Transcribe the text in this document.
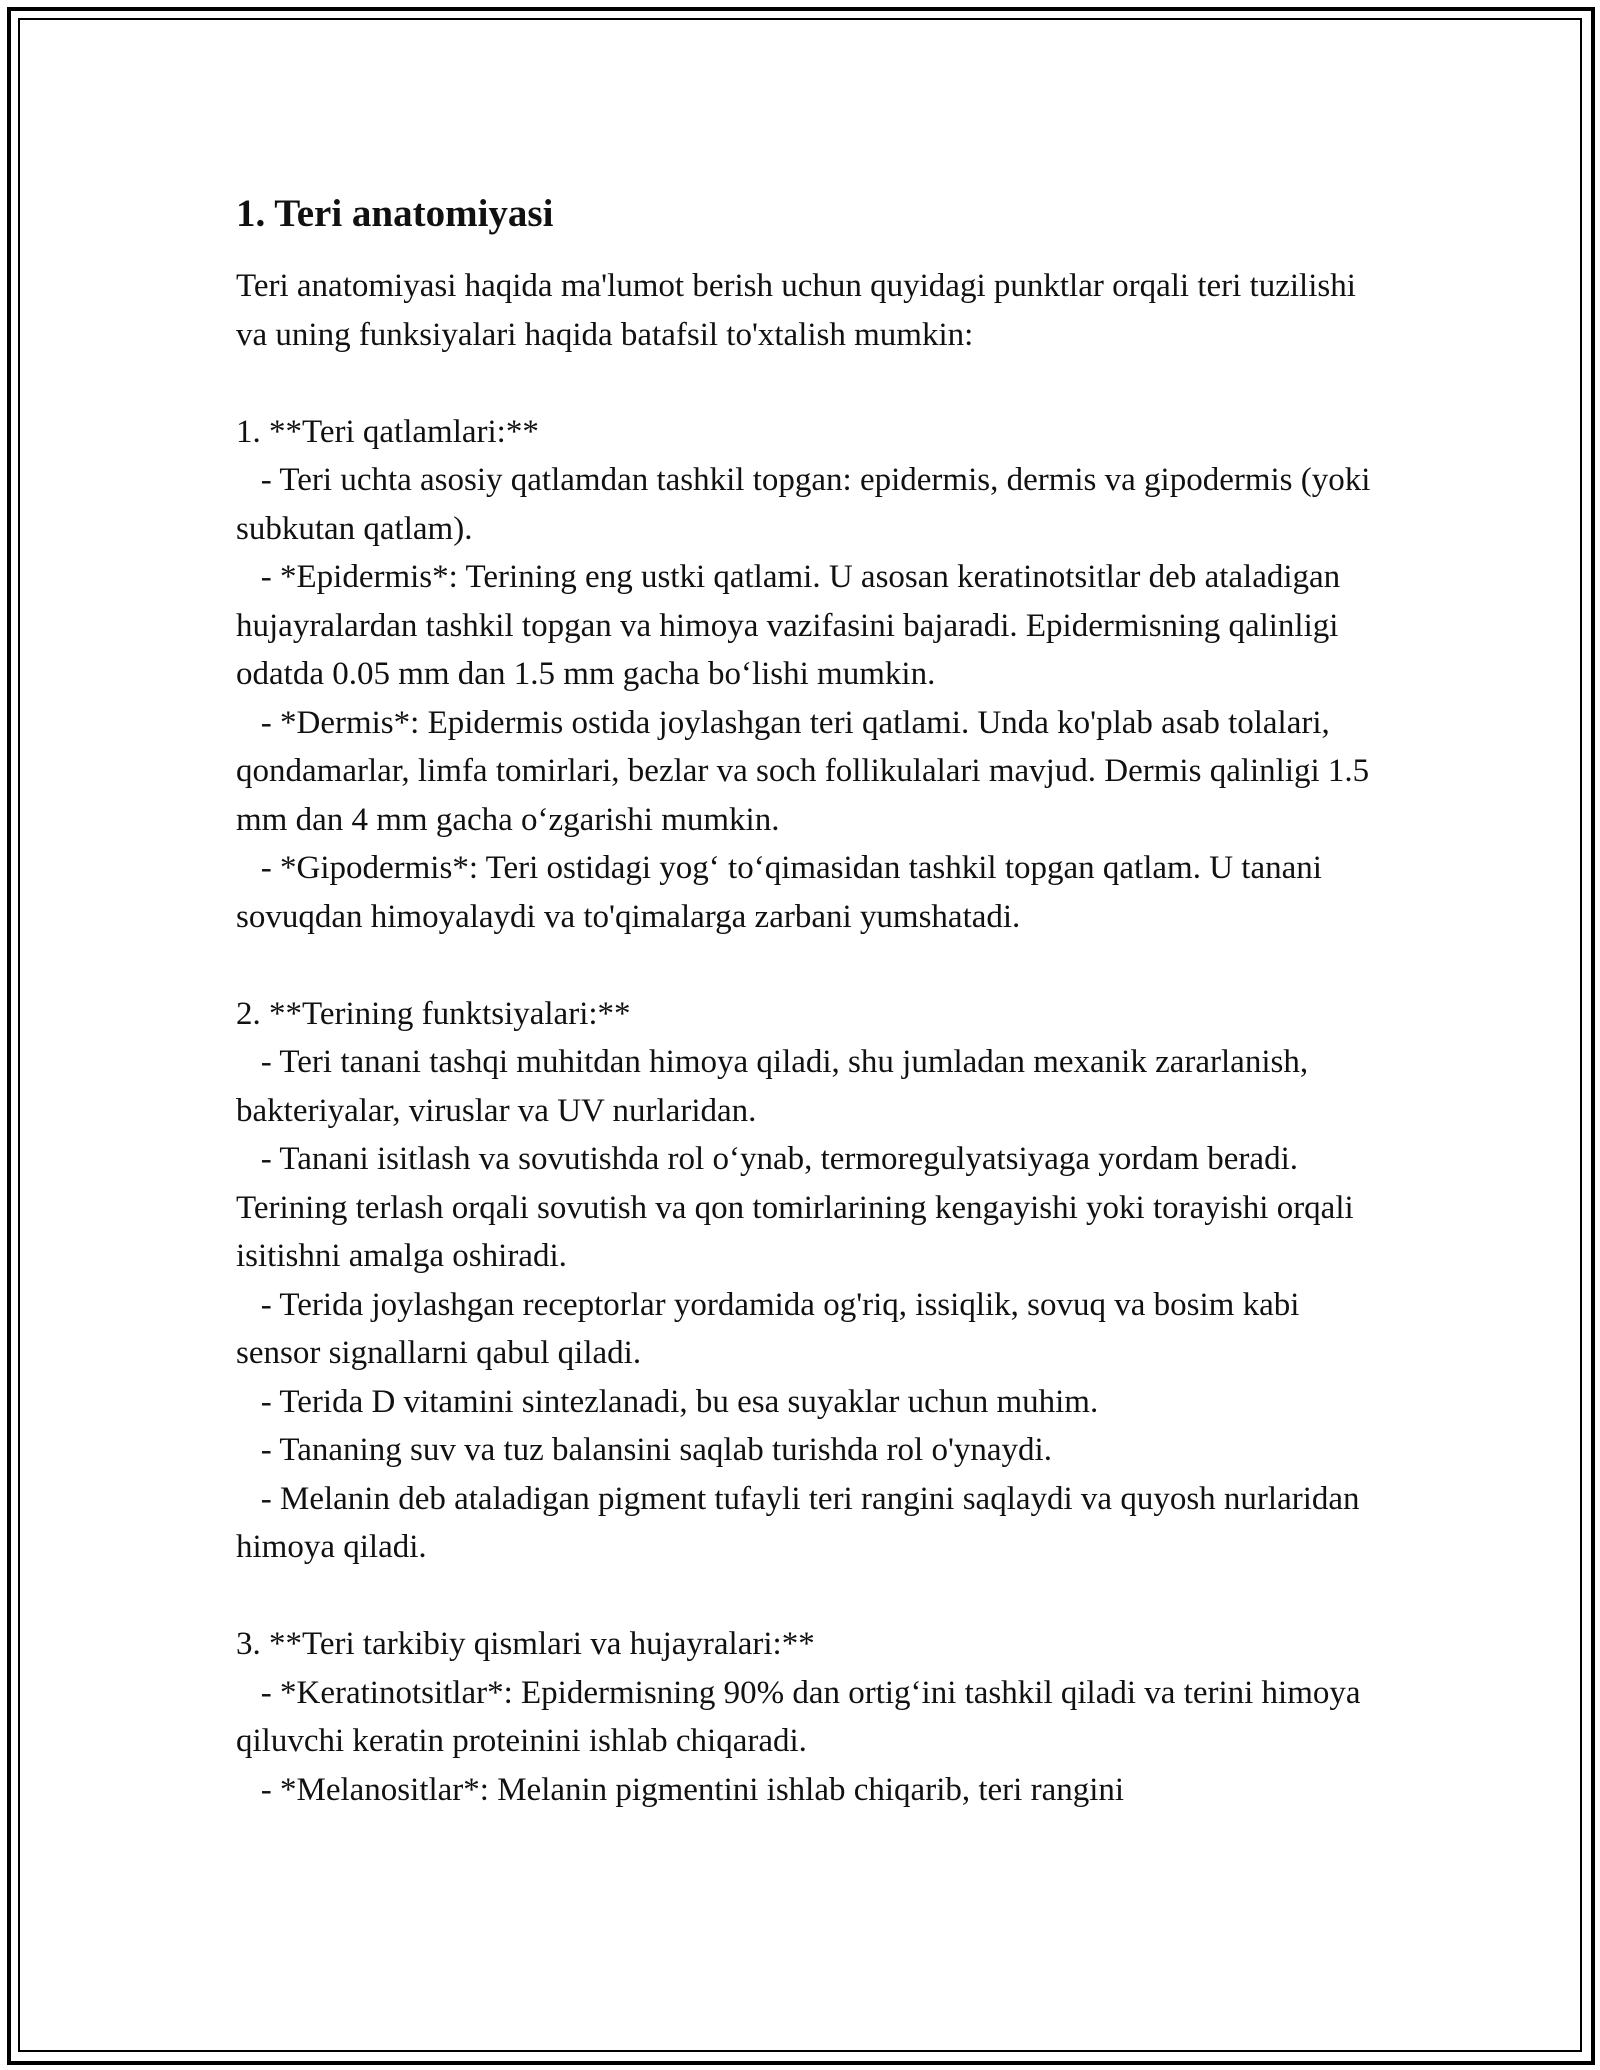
1. Teri anatomiyasi

Teri anatomiyasi haqida ma'lumot berish uchun quyidagi punktlar orqali teri tuzilishi va uning funksiyalari haqida batafsil to'xtalish mumkin:

1. **Teri qatlamlari:**

- Teri uchta asosiy qatlamdan tashkil topgan: epidermis, dermis va gipodermis (yoki subkutan qatlam).

- *Epidermis*: Terining eng ustki qatlami. U asosan keratinotsitlar deb ataladigan hujayralardan tashkil topgan va himoya vazifasini bajaradi. Epidermisning qalinligi odatda 0.05 mm dan 1.5 mm gacha bo‘lishi mumkin.

- *Dermis*: Epidermis ostida joylashgan teri qatlami. Unda ko'plab asab tolalari, qondamarlar, limfa tomirlari, bezlar va soch follikulalari mavjud. Dermis qalinligi 1.5 mm dan 4 mm gacha o‘zgarishi mumkin.

- *Gipodermis*: Teri ostidagi yog‘ to‘qimasidan tashkil topgan qatlam. U tanani sovuqdan himoyalaydi va to'qimalarga zarbani yumshatadi.

2. **Terining funktsiyalari:**

- Teri tanani tashqi muhitdan himoya qiladi, shu jumladan mexanik zararlanish, bakteriyalar, viruslar va UV nurlaridan.

- Tanani isitlash va sovutishda rol o‘ynab, termoregulyatsiyaga yordam beradi. Terining terlash orqali sovutish va qon tomirlarining kengayishi yoki torayishi orqali isitishni amalga oshiradi.

- Terida joylashgan receptorlar yordamida og'riq, issiqlik, sovuq va bosim kabi sensor signallarni qabul qiladi.

- Terida D vitamini sintezlanadi, bu esa suyaklar uchun muhim.

- Tananing suv va tuz balansini saqlab turishda rol o'ynaydi.

- Melanin deb ataladigan pigment tufayli teri rangini saqlaydi va quyosh nurlaridan himoya qiladi.

3. **Teri tarkibiy qismlari va hujayralari:**

- *Keratinotsitlar*: Epidermisning 90% dan ortig‘ini tashkil qiladi va terini himoya qiluvchi keratin proteinini ishlab chiqaradi.

- *Melanositlar*: Melanin pigmentini ishlab chiqarib, teri rangini
